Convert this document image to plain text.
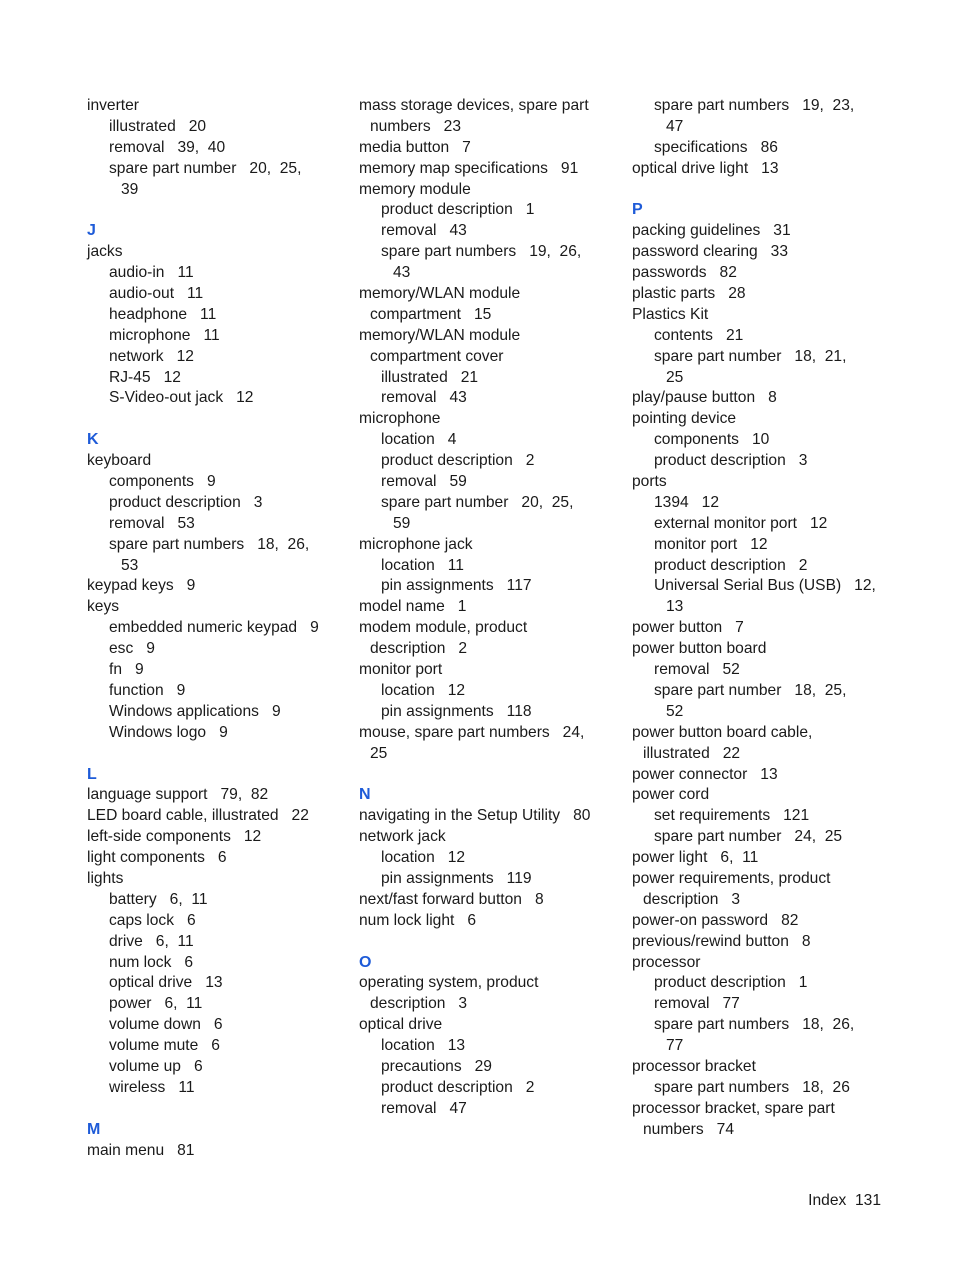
inverter
illustrated   20
removal   39,  40
spare part number   20,  25,
39
J
jacks
audio-in   11
audio-out   11
headphone   11
microphone   11
network   12
RJ-45   12
S-Video-out jack   12
K
keyboard
components   9
product description   3
removal   53
spare part numbers   18,  26,
53
keypad keys   9
keys
embedded numeric keypad   9
esc   9
fn   9
function   9
Windows applications   9
Windows logo   9
L
language support   79,  82
LED board cable, illustrated   22
left-side components   12
light components   6
lights
battery   6,  11
caps lock   6
drive   6,  11
num lock   6
optical drive   13
power   6,  11
volume down   6
volume mute   6
volume up   6
wireless   11
M
main menu   81
mass storage devices, spare part
numbers   23
media button   7
memory map specifications   91
memory module
product description   1
removal   43
spare part numbers   19,  26,
43
memory/WLAN module
compartment   15
memory/WLAN module
compartment cover
illustrated   21
removal   43
microphone
location   4
product description   2
removal   59
spare part number   20,  25,
59
microphone jack
location   11
pin assignments   117
model name   1
modem module, product
description   2
monitor port
location   12
pin assignments   118
mouse, spare part numbers   24,
25
N
navigating in the Setup Utility   80
network jack
location   12
pin assignments   119
next/fast forward button   8
num lock light   6
O
operating system, product
description   3
optical drive
location   13
precautions   29
product description   2
removal   47
spare part numbers   19,  23,
47
specifications   86
optical drive light   13
P
packing guidelines   31
password clearing   33
passwords   82
plastic parts   28
Plastics Kit
contents   21
spare part number   18,  21,
25
play/pause button   8
pointing device
components   10
product description   3
ports
1394   12
external monitor port   12
monitor port   12
product description   2
Universal Serial Bus (USB)   12,
13
power button   7
power button board
removal   52
spare part number   18,  25,
52
power button board cable,
illustrated   22
power connector   13
power cord
set requirements   121
spare part number   24,  25
power light   6,  11
power requirements, product
description   3
power-on password   82
previous/rewind button   8
processor
product description   1
removal   77
spare part numbers   18,  26,
77
processor bracket
spare part numbers   18,  26
processor bracket, spare part
numbers   74
Index  131
